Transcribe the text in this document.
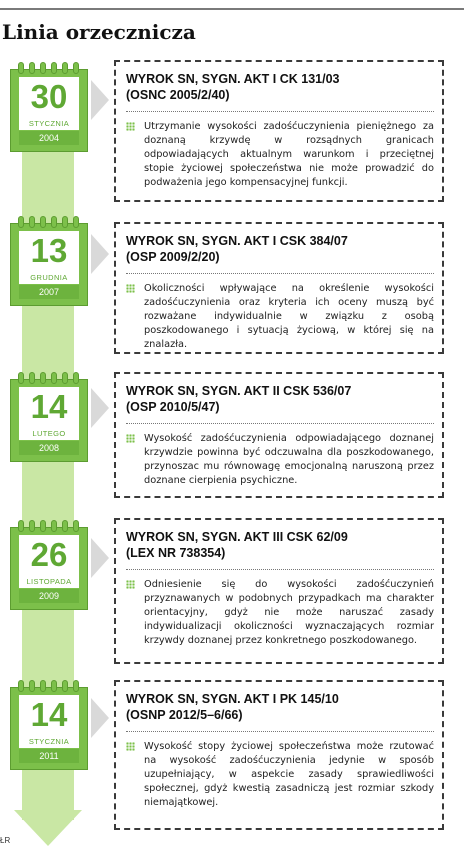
Linia orzecznicza
30
STYCZNIA
2004
WYROK SN, SYGN. AKT I CK 131/03
(OSNC 2005/2/40)

Utrzymanie wysokości zadośćuczynienia pieniężnego za doznaną krzywdę w rozsądnych granicach odpowiadających aktualnym warunkom i przeciętnej stopie życiowej społeczeństwa nie może prowadzić do podważenia jego kompensacyjnej funkcji.

13
GRUDNIA
2007
WYROK SN, SYGN. AKT I CSK 384/07
(OSP 2009/2/20)

Okoliczności wpływające na określenie wysokości zadośćuczynienia oraz kryteria ich oceny muszą być rozważane indywidualnie w związku z osobą poszkodowanego i sytuacją życiową, w której się na znalazła.

14
LUTEGO
2008
WYROK SN, SYGN. AKT II CSK 536/07
(OSP 2010/5/47)

Wysokość zadośćuczynienia odpowiadającego doznanej krzywdzie powinna być odczuwalna dla poszkodowanego, przynoszac mu równowagę emocjonalną naruszoną przez doznane cierpienia psychiczne.

26
LISTOPADA
2009
WYROK SN, SYGN. AKT III CSK 62/09
(LEX NR 738354)

Odniesienie się do wysokości zadośćuczynień przyznawanych w podobnych przypadkach ma charakter orientacyjny, gdyż nie może naruszać zasady indywidualizacji okoliczności wyznaczających rozmiar krzywdy doznanej przez konkretnego poszkodowanego.

14
STYCZNIA
2011
WYROK SN, SYGN. AKT I PK 145/10
(OSNP 2012/5–6/66)

Wysokość stopy życiowej społeczeństwa może rzutować na wysokość zadośćuczynienia jedynie w sposób uzupełniający, w aspekcie zasady sprawiedliwości społecznej, gdyż kwestią zasadniczą jest rozmiar szkody niemajątkowej.

ŁR
